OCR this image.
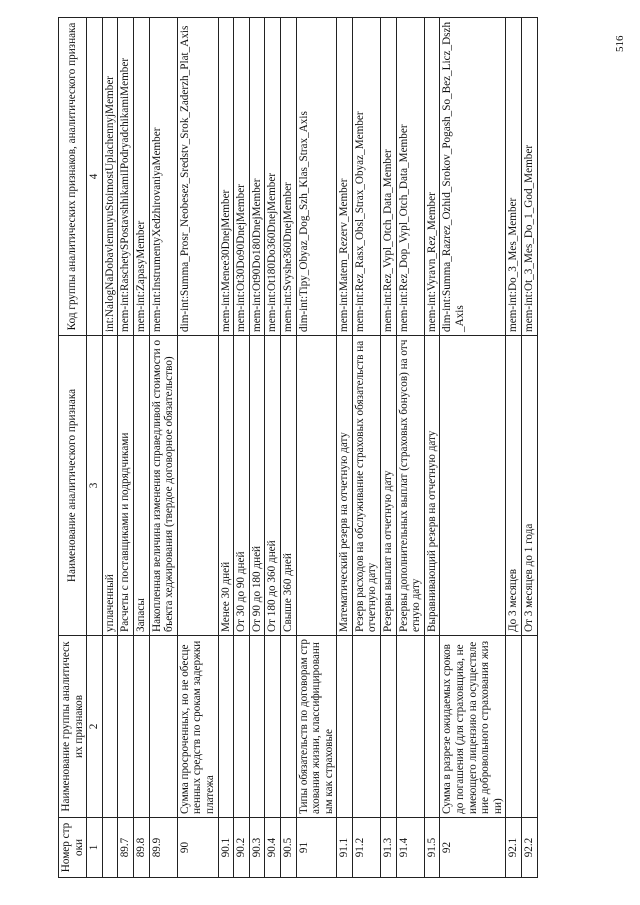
Номер строки	Наименование группы аналитических признаков	Наименование аналитического признака	Код группы аналитических признаков, аналитического признака
1	2	3	4
		уплаченный	int:NalogNaDobavlennuyuStoimostUplachennyjMember
89.7		Расчеты с поставщиками и подрядчиками	mem-int:RaschetySPostavshhikamiIPodryadchikamiMember
89.8		Запасы	mem-int:ZapasyMember
89.9		Накопленная величина изменения справедливой стоимости объекта хеджирования (твердое договорное обязательство)	mem-int:InstrumentyXedzhirovaniyaMember
90	Сумма просроченных, но не обесцененных средств по срокам задержки платежа		dim-int:Summa_Prosr_Neobesez_Sredstv_Srok_Zaderzh_Plat_Axis
90.1		Менее 30 дней	mem-int:Menee30DnejMember
90.2		От 30 до 90 дней	mem-int:Ot30Do90DnejMember
90.3		От 90 до 180 дней	mem-int:Ot90Do180DnejMember
90.4		От 180 до 360 дней	mem-int:Ot180Do360DnejMember
90.5		Свыше 360 дней	mem-int:Svyshe360DnejMember
91	Типы обязательств по договорам страхования жизни, классифицированным как страховые		dim-int:Tipy_Obyaz_Dog_Szh_Klas_Strax_Axis
91.1		Математический резерв на отчетную дату	mem-int:Matem_Rezerv_Member
91.2		Резерв расходов на обслуживание страховых обязательств на отчетную дату	mem-int:Rez_Rasx_Obsl_Strax_Obyaz_Member
91.3		Резервы выплат на отчетную дату	mem-int:Rez_Vypl_Otch_Data_Member
91.4		Резервы дополнительных выплат (страховых бонусов) на отчетную дату	mem-int:Rez_Dop_Vypl_Otch_Data_Member
91.5		Выравнивающий резерв на отчетную дату	mem-int:Vyravn_Rez_Member
92	Сумма в разрезе ожидаемых сроков до погашения (для страховщика, не имеющего лицензию на осуществление добровольного страхования жизни)		dim-int:Summa_Razrez_Ozhid_Srokov_Pogash_So_Bez_Licz_Dszh_Axis
92.1		До 3 месяцев	mem-int:Do_3_Mes_Member
92.2		От 3 месяцев до 1 года	mem-int:Ot_3_Mes_Do_1_God_Member
516
